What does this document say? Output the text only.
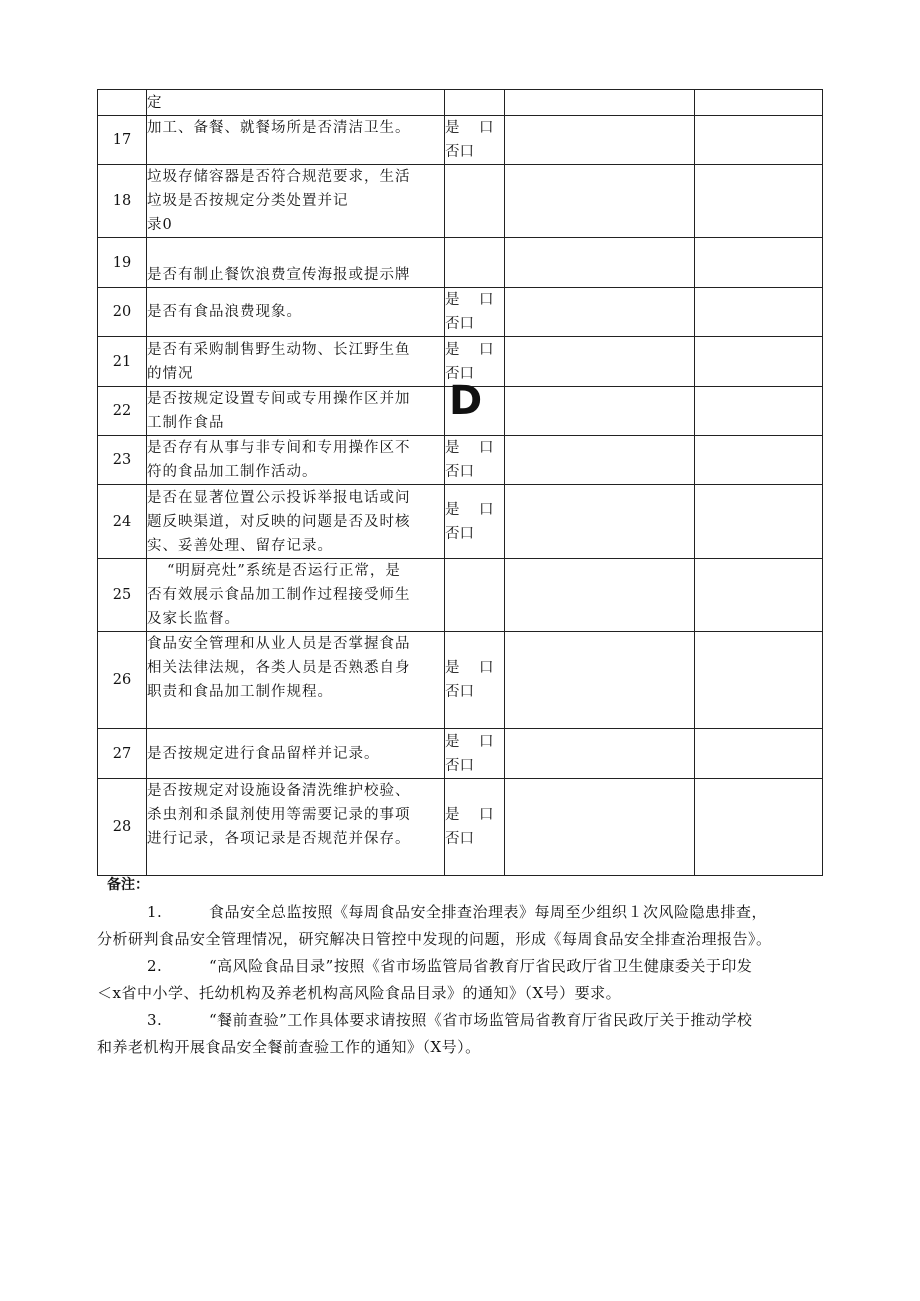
	定			

17	加工、备餐、就餐场所是否清洁卫生。	是 口
否口		

18	垃圾存储容器是否符合规范要求，生活
垃圾是否按规定分类处置并记
录0			

19	是否有制止餐饮浪费宣传海报或提示牌			

20	是否有食品浪费现象。	是 口
否口		

21	是否有采购制售野生动物、长江野生鱼
的情况	是 口
否口		

22	是否按规定设置专间或专用操作区并加
工制作食品	D		
23	是否存有从事与非专间和专用操作区不
符的食品加工制作活动。	是 口
否口		

24	是否在显著位置公示投诉举报电话或问
题反映渠道，对反映的问题是否及时核
实、妥善处理、留存记录。	是 口
否口		

25	“明厨亮灶”系统是否运行正常，是
否有效展示食品加工制作过程接受师生
及家长监督。			

26	食品安全管理和从业人员是否掌握食品
相关法律法规，各类人员是否熟悉自身
职责和食品加工制作规程。	是 口
否口		

27	是否按规定进行食品留样并记录。	是 口
否口		

28	是否按规定对设施设备清洗维护校验、
杀虫剂和杀鼠剂使用等需要记录的事项
进行记录，各项记录是否规范并保存。	是 口
否口		

备注：

1.	食品安全总监按照《每周食品安全排查治理表》每周至少组织１次风险隐患排查，

分析研判食品安全管理情况，研究解决日管控中发现的问题，形成《每周食品安全排查治理报告》。

2.	“高风险食品目录”按照《省市场监管局省教育厅省民政厅省卫生健康委关于印发

＜x省中小学、托幼机构及养老机构高风险食品目录》的通知》（X号）要求。

3.	“餐前查验”工作具体要求请按照《省市场监管局省教育厅省民政厅关于推动学校

和养老机构开展食品安全餐前查验工作的通知》（X号）。
